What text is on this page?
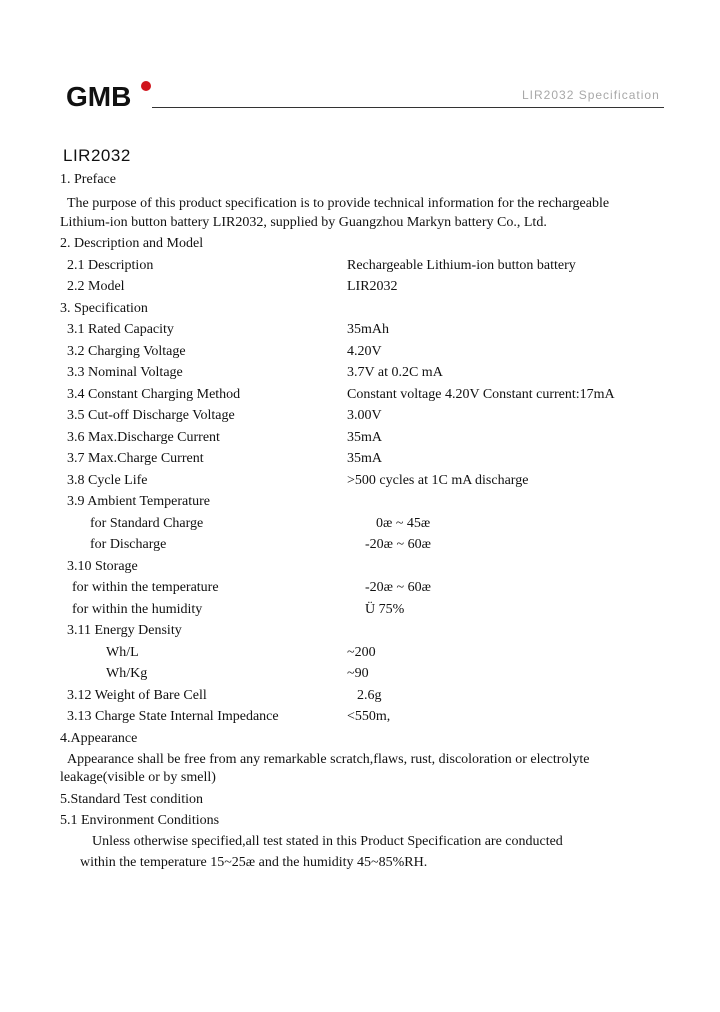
GMB	LIR2032 Specification
LIR2032
1. Preface
The purpose of this product specification is to provide technical information for the rechargeable
Lithium-ion button battery LIR2032, supplied by Guangzhou Markyn battery Co., Ltd.
2. Description and Model
2.1 Description	Rechargeable Lithium-ion button battery
2.2 Model	LIR2032
3. Specification
3.1 Rated Capacity	35mAh
3.2 Charging Voltage	4.20V
3.3 Nominal Voltage	3.7V at 0.2C mA
3.4 Constant Charging Method	Constant voltage 4.20V Constant current:17mA
3.5 Cut-off Discharge Voltage	3.00V
3.6 Max.Discharge Current	35mA
3.7 Max.Charge Current	35mA
3.8 Cycle Life	>500 cycles at 1C mA discharge
3.9 Ambient Temperature
for Standard Charge	0æ ~ 45æ
for Discharge	-20æ ~ 60æ
3.10 Storage
for within the temperature	-20æ ~ 60æ
for within the humidity	Ü 75%
3.11 Energy Density
Wh/L	~200
Wh/Kg	~90
3.12 Weight of Bare Cell	2.6g
3.13 Charge State Internal Impedance	<550m,
4.Appearance
Appearance shall be free from any remarkable scratch,flaws, rust, discoloration or electrolyte
leakage(visible or by smell)
5.Standard Test condition
5.1 Environment Conditions
Unless otherwise specified,all test stated in this Product Specification are conducted
within the temperature 15~25æ and the humidity 45~85%RH.
